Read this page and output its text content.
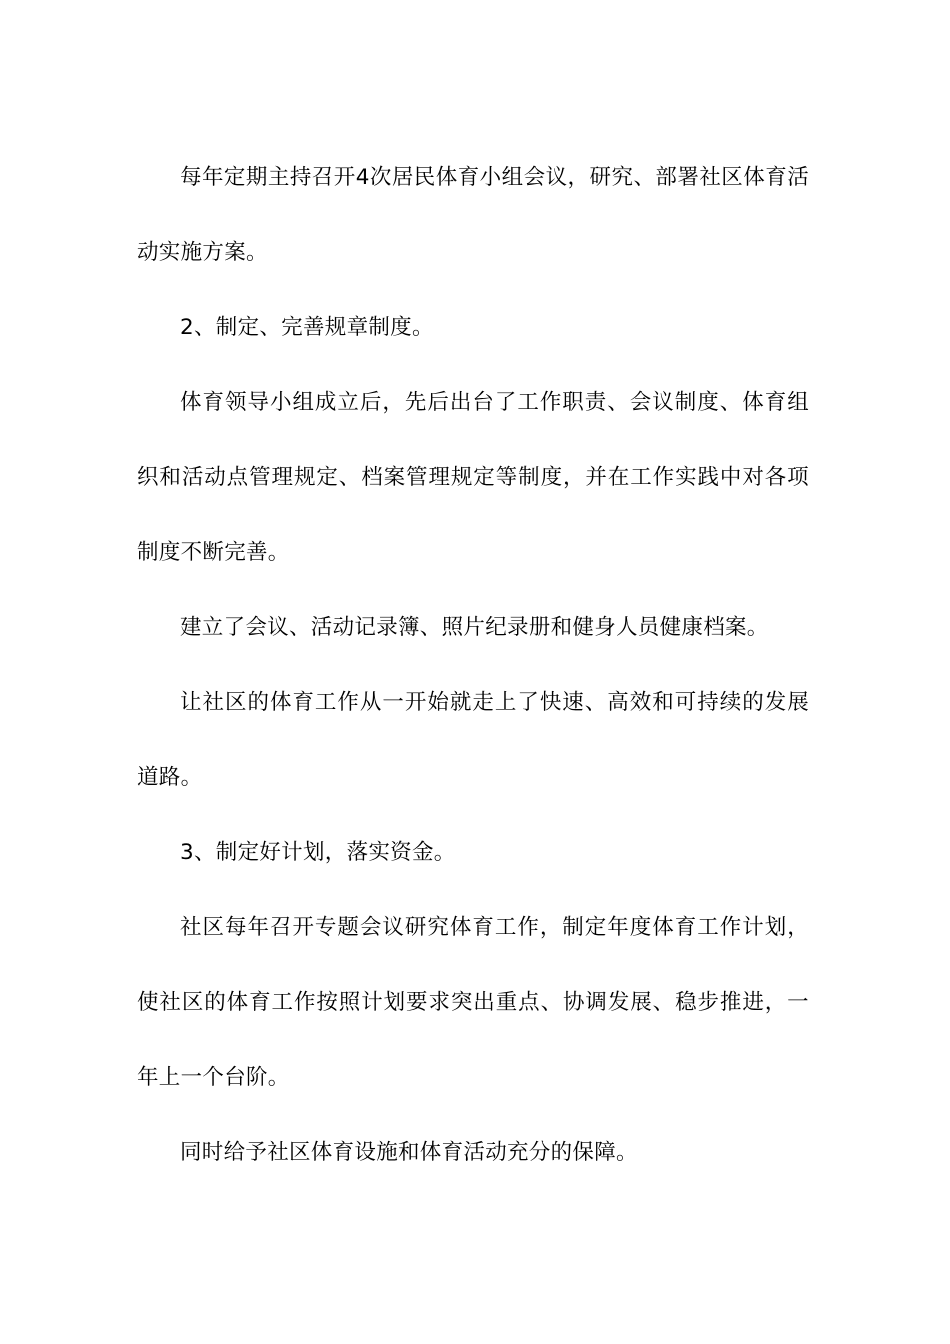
每年定期主持召开4次居民体育小组会议，研究、部署社区体育活动实施方案。

2、制定、完善规章制度。

体育领导小组成立后，先后出台了工作职责、会议制度、体育组织和活动点管理规定、档案管理规定等制度，并在工作实践中对各项制度不断完善。

建立了会议、活动记录簿、照片纪录册和健身人员健康档案。

让社区的体育工作从一开始就走上了快速、高效和可持续的发展道路。

3、制定好计划，落实资金。

社区每年召开专题会议研究体育工作，制定年度体育工作计划，使社区的体育工作按照计划要求突出重点、协调发展、稳步推进，一年上一个台阶。

同时给予社区体育设施和体育活动充分的保障。
